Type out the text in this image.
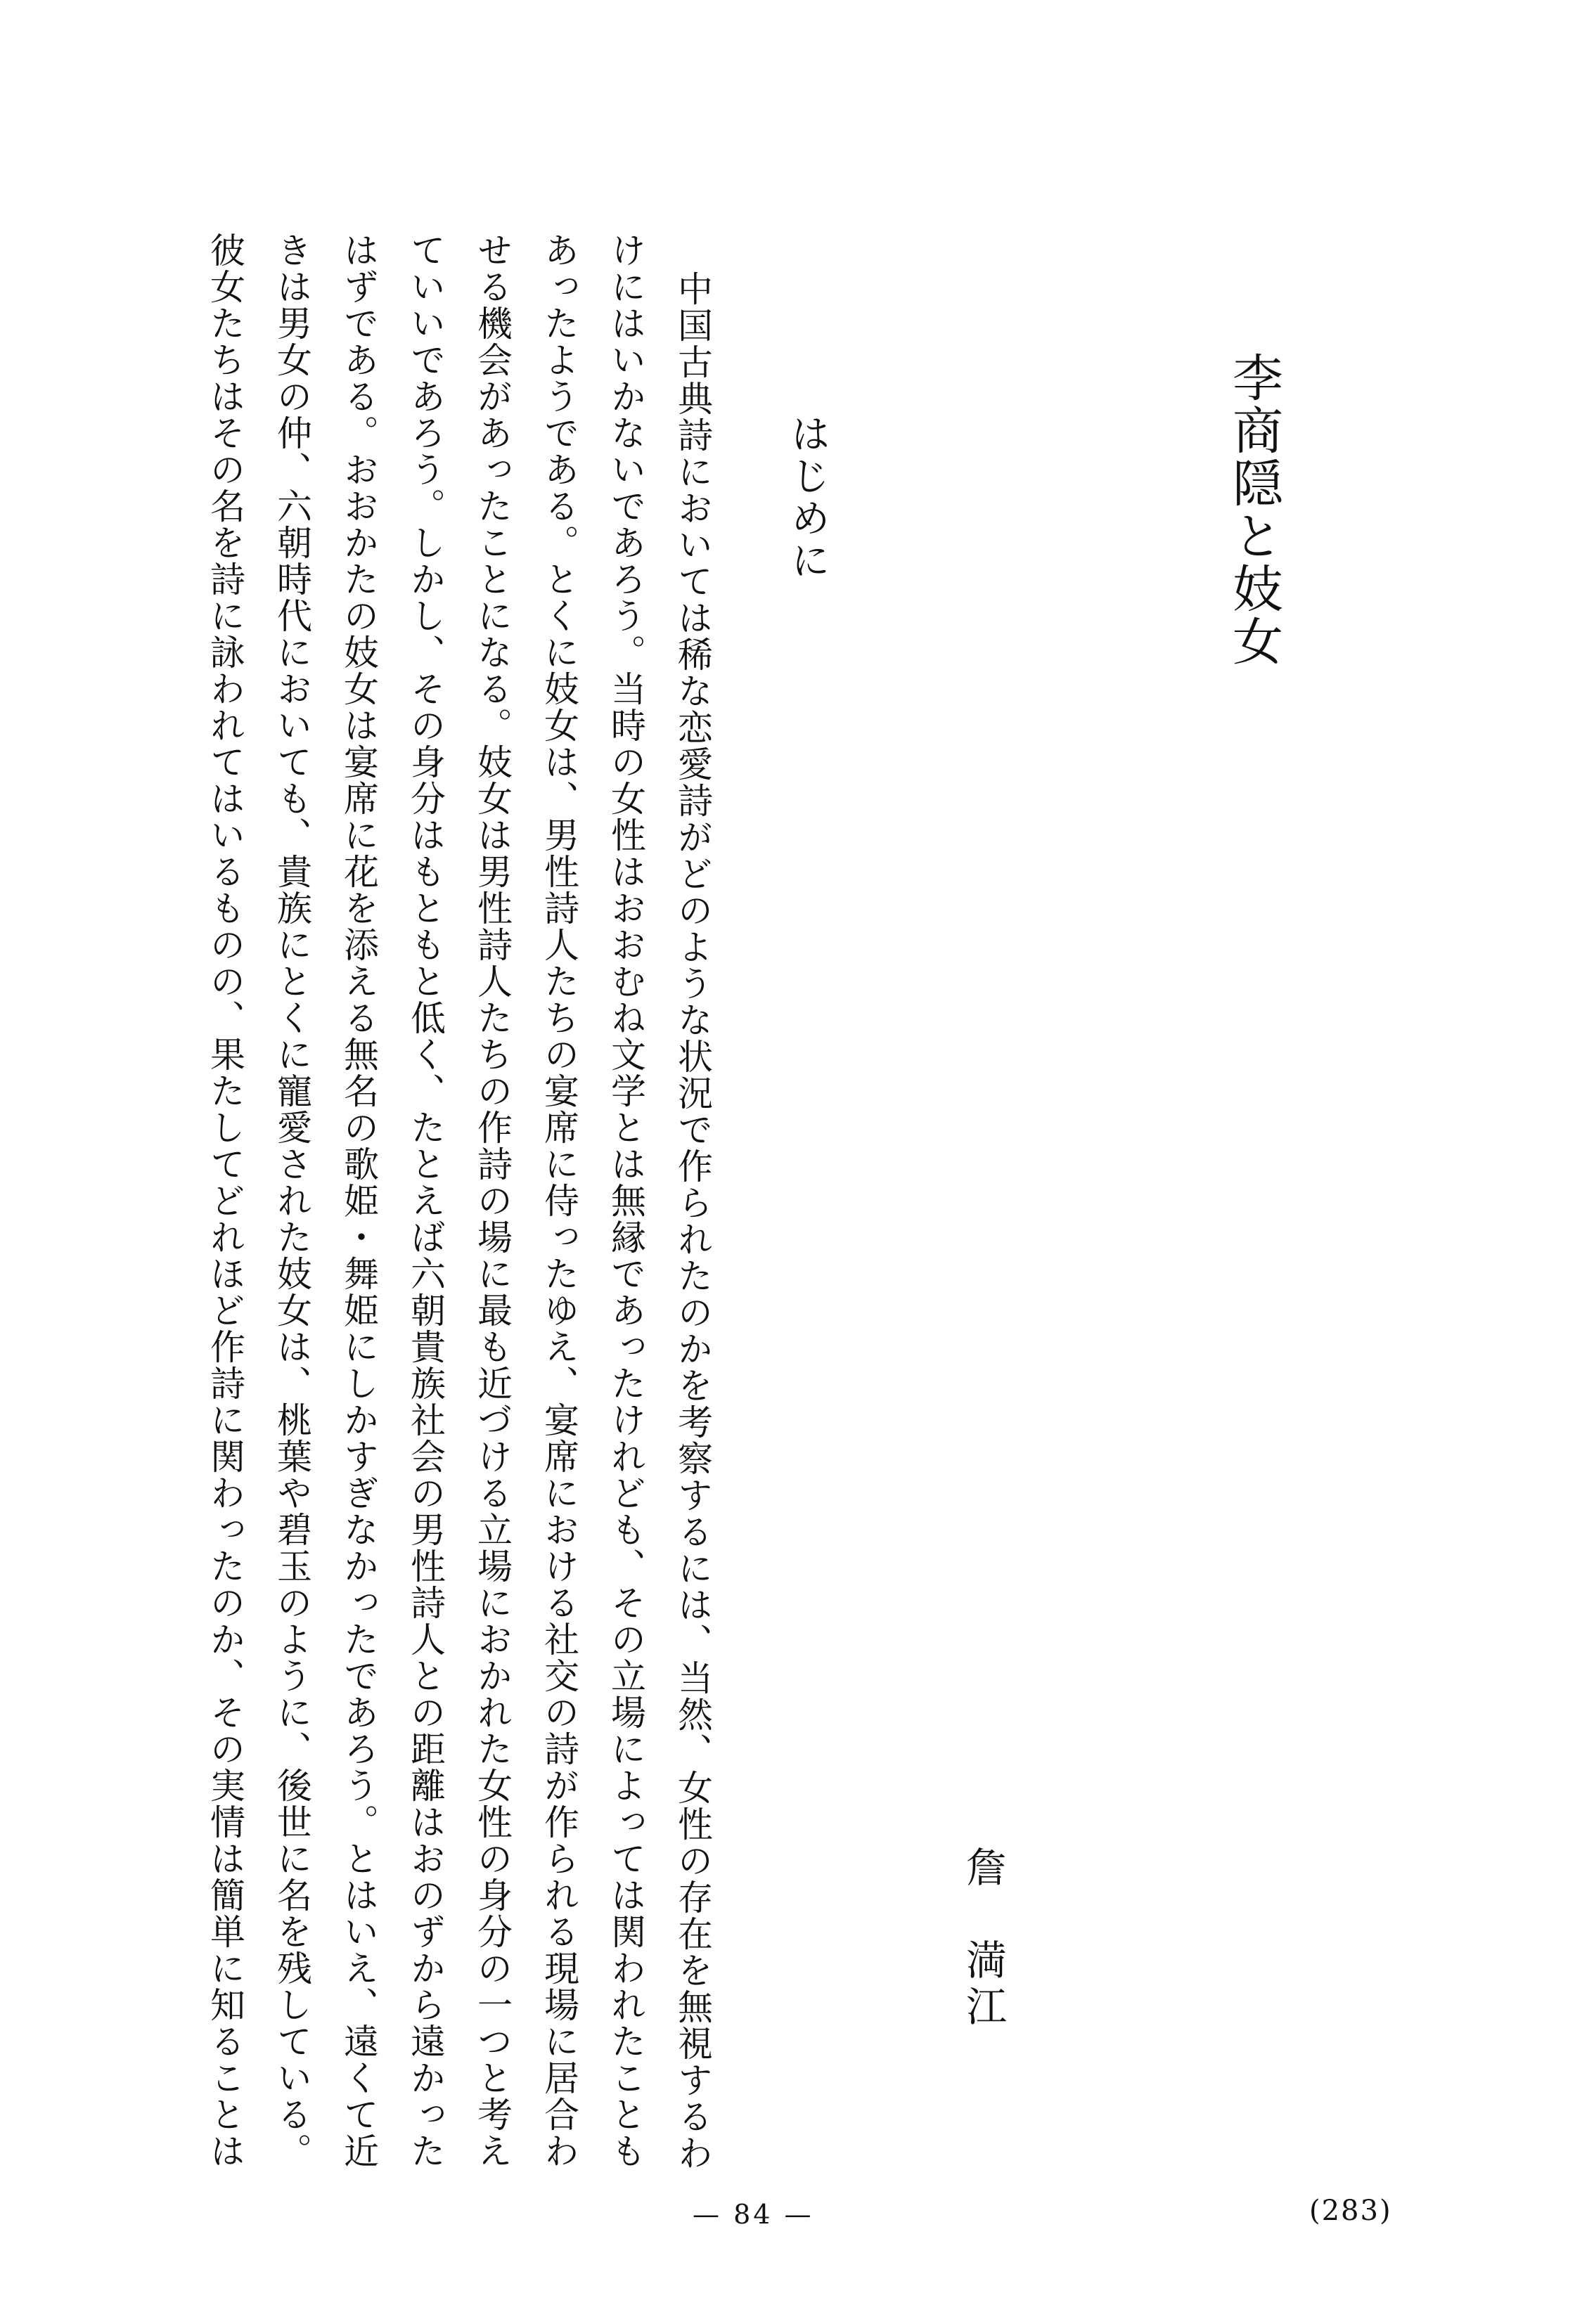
李商隠と妓女
詹　満江
はじめに
中国古典詩においては稀な恋愛詩がどのような状況で作られたのかを考察するには、当然、女性の存在を無視するわ
けにはいかないであろう。当時の女性はおおむね文学とは無縁であったけれども、その立場によっては関われたことも
あったようである。とくに妓女は、男性詩人たちの宴席に侍ったゆえ、宴席における社交の詩が作られる現場に居合わ
せる機会があったことになる。妓女は男性詩人たちの作詩の場に最も近づける立場におかれた女性の身分の一つと考え
ていいであろう。しかし、その身分はもともと低く、たとえば六朝貴族社会の男性詩人との距離はおのずから遠かった
はずである。おおかたの妓女は宴席に花を添える無名の歌姫・舞姫にしかすぎなかったであろう。とはいえ、遠くて近
きは男女の仲、六朝時代においても、貴族にとくに寵愛された妓女は、桃葉や碧玉のように、後世に名を残している。
彼女たちはその名を詩に詠われてはいるものの、果たしてどれほど作詩に関わったのか、その実情は簡単に知ることは
— 84 —	(283)
